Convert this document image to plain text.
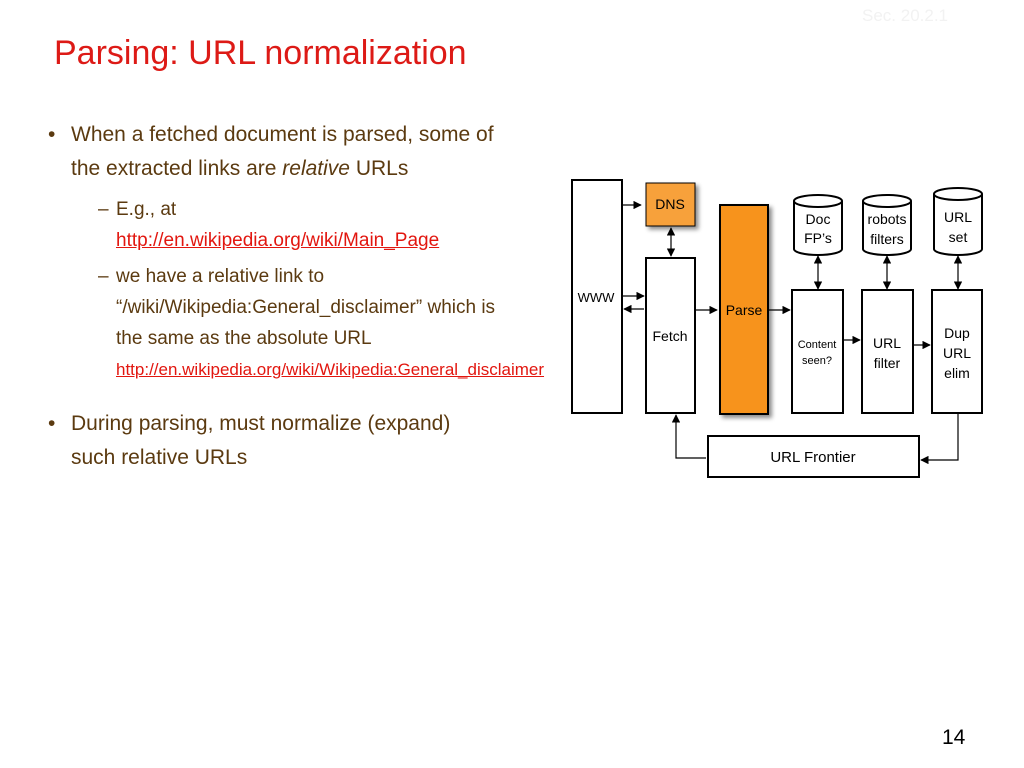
Sec. 20.2.1
Parsing: URL normalization

• When a fetched document is parsed, some of the extracted links are relative URLs

– E.g., at
http://en.wikipedia.org/wiki/Main_Page

– we have a relative link to “/wiki/Wikipedia:General_disclaimer” which is the same as the absolute URL http://en.wikipedia.org/wiki/Wikipedia:General_disclaimer

• During parsing, must normalize (expand) such relative URLs

WWW
DNS
Fetch
Parse
Content
seen?
URL
filter
Dup
URL
elim
Doc
FP’s
robots
filters
URL
set
URL Frontier
14
